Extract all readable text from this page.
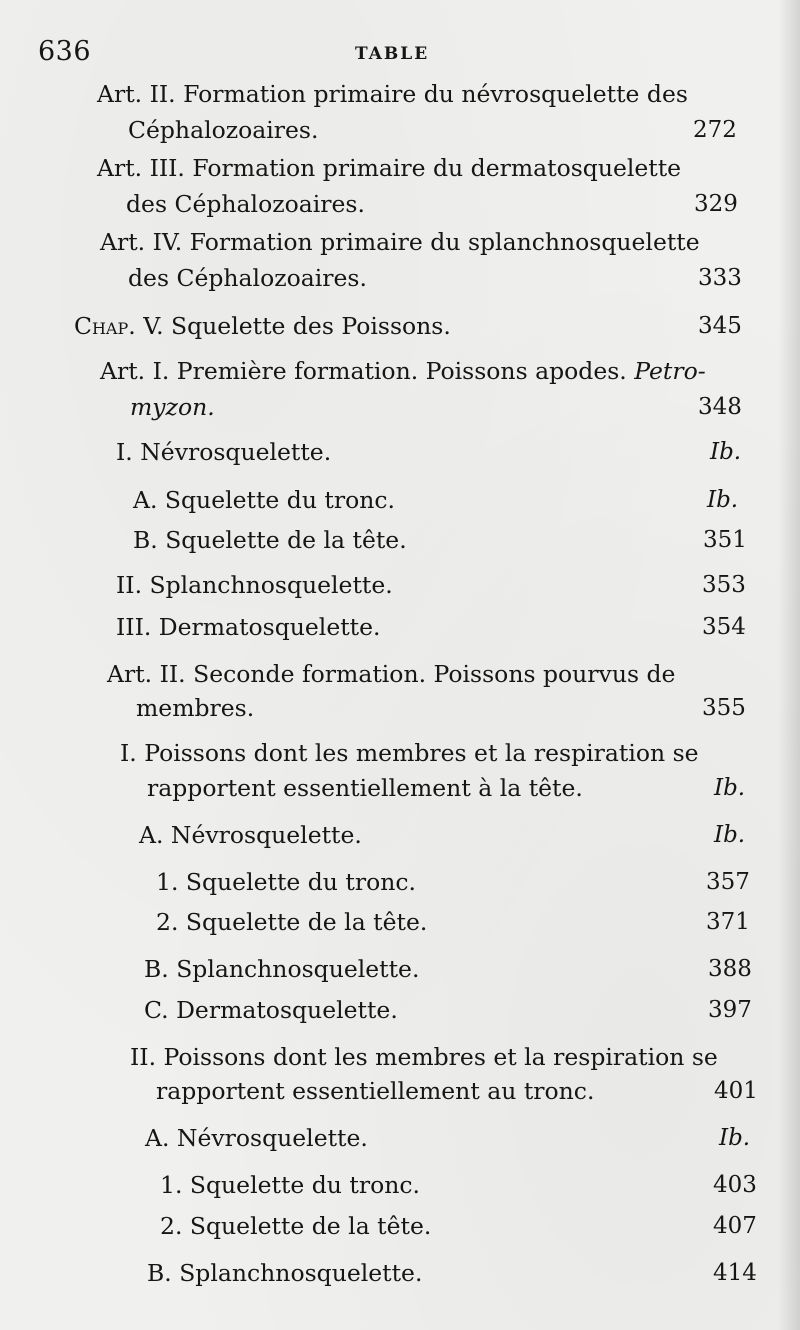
636	TABLE
Art. II. Formation primaire du névrosquelette des
Céphalozoaires.	272
Art. III. Formation primaire du dermatosquelette
des Céphalozoaires.	329
Art. IV. Formation primaire du splanchnosquelette
des Céphalozoaires.	333
Chap. V. Squelette des Poissons.	345
Art. I. Première formation. Poissons apodes. Petro-
myzon.	348
I. Névrosquelette.	Ib.
A. Squelette du tronc.	Ib.
B. Squelette de la tête.	351
II. Splanchnosquelette.	353
III. Dermatosquelette.	354
Art. II. Seconde formation. Poissons pourvus de
membres.	355
I. Poissons dont les membres et la respiration se
rapportent essentiellement à la tête.	Ib.
A. Névrosquelette.	Ib.
1. Squelette du tronc.	357
2. Squelette de la tête.	371
B. Splanchnosquelette.	388
C. Dermatosquelette.	397
II. Poissons dont les membres et la respiration se
rapportent essentiellement au tronc.	401
A. Névrosquelette.	Ib.
1. Squelette du tronc.	403
2. Squelette de la tête.	407
B. Splanchnosquelette.	414
